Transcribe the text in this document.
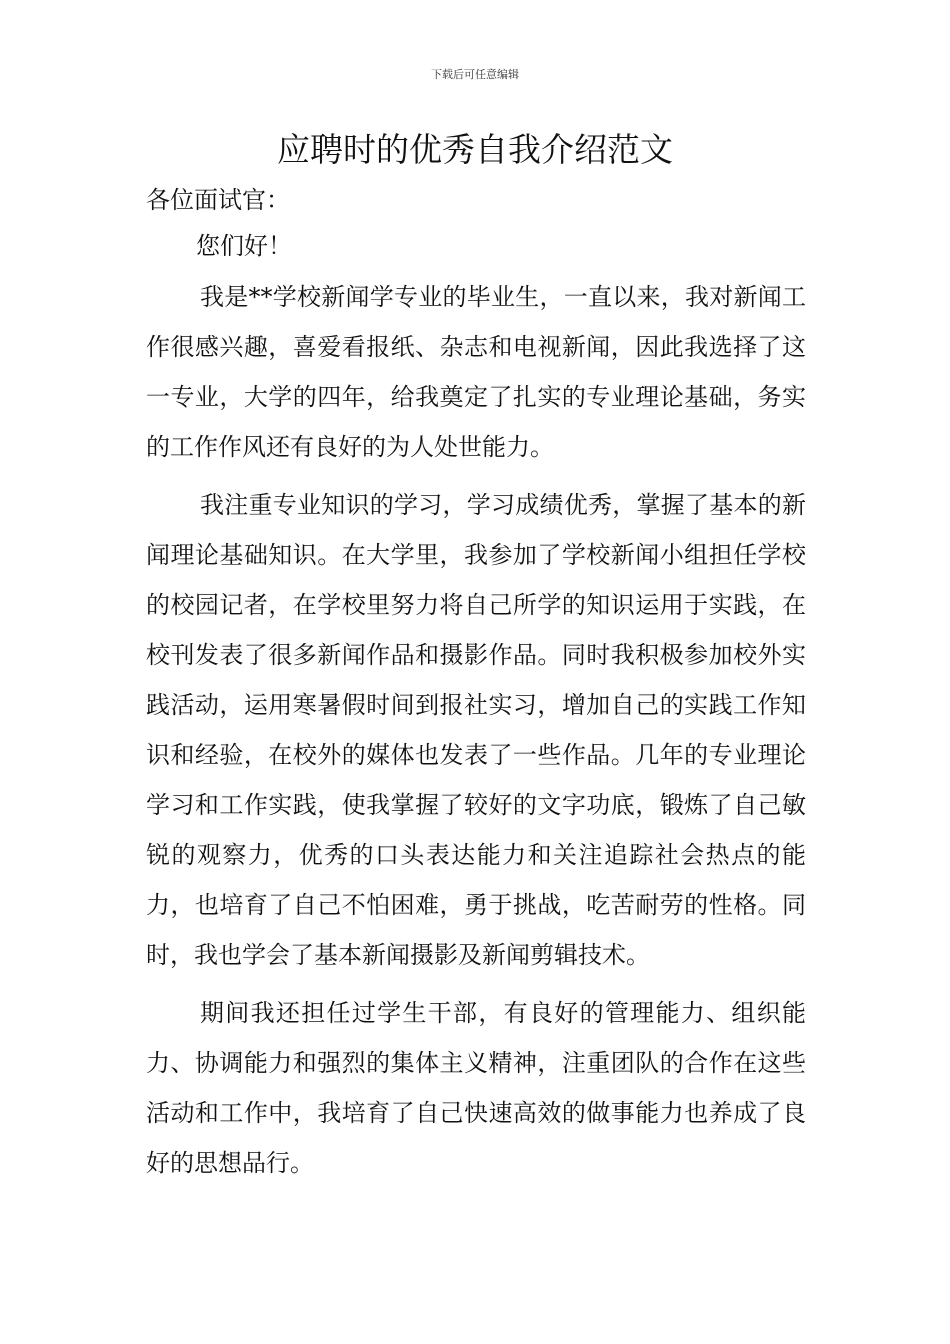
下载后可任意编辑
应聘时的优秀自我介绍范文

各位面试官：

您们好！

我是**学校新闻学专业的毕业生，一直以来，我对新闻工作很感兴趣，喜爱看报纸、杂志和电视新闻，因此我选择了这一专业，大学的四年，给我奠定了扎实的专业理论基础，务实的工作作风还有良好的为人处世能力。

我注重专业知识的学习，学习成绩优秀，掌握了基本的新闻理论基础知识。在大学里，我参加了学校新闻小组担任学校的校园记者，在学校里努力将自己所学的知识运用于实践，在校刊发表了很多新闻作品和摄影作品。同时我积极参加校外实践活动，运用寒暑假时间到报社实习，增加自己的实践工作知识和经验，在校外的媒体也发表了一些作品。几年的专业理论学习和工作实践，使我掌握了较好的文字功底，锻炼了自己敏锐的观察力，优秀的口头表达能力和关注追踪社会热点的能力，也培育了自己不怕困难，勇于挑战，吃苦耐劳的性格。同时，我也学会了基本新闻摄影及新闻剪辑技术。

期间我还担任过学生干部，有良好的管理能力、组织能力、协调能力和强烈的集体主义精神，注重团队的合作在这些活动和工作中，我培育了自己快速高效的做事能力也养成了良好的思想品行。
